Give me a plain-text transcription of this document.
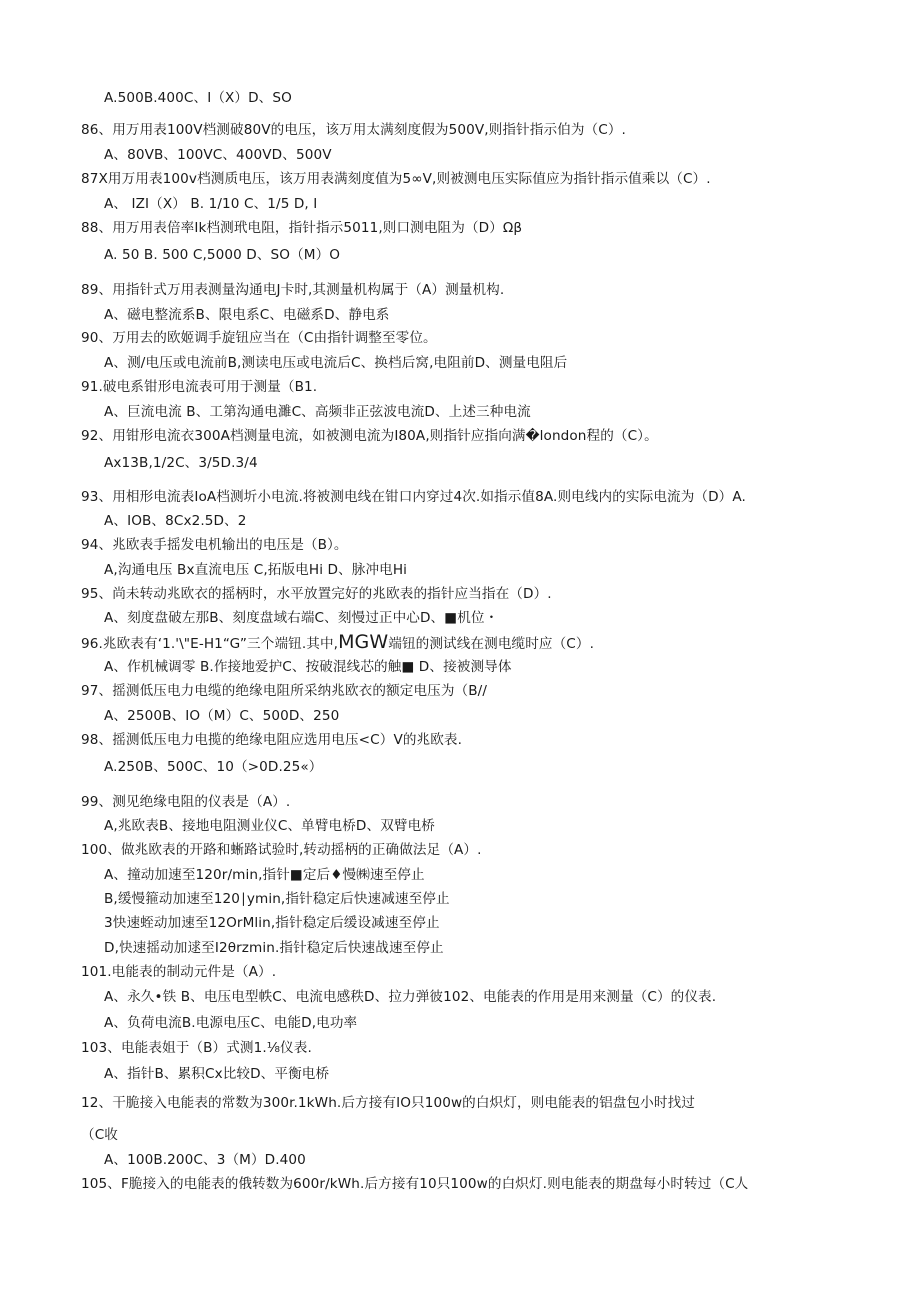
A.500B.400C、I（X）D、SO
86、用万用表100V档测破80V的电压，该万用太满刻度假为500V,则指针指示伯为（C）.
A、80VB、100VC、400VD、500V
87X用万用表100v档测质电压，该万用表满刻度值为5∞V,则被测电压实际值应为指针指示值乘以（C）.
A、 IZI（X） B. 1/10 C、1/5 D, I
88、用万用表倍率Ik档测玳电阻，指针指示5011,则口测电阻为（D）Ωβ
A. 50 B. 500 C,5000 D、SO（M）O
89、用指针式万用表测量沟通电J卡时,其测量机构属于（A）测量机构.
A、磁电整流系B、限电系C、电磁系D、静电系
90、万用去的欧姬调手旋钮应当在（C由指针调整至零位。
A、测/电压或电流前B,测读电压或电流后C、换档后窝,电阻前D、测量电阻后
91.破电系钳形电流表可用于测量（B1.
A、巨流电流 B、工第沟通电濉C、高频非正弦波电流D、上述三种电流
92、用钳形电流衣300A档测量电流，如被测电流为I80A,则指针应指向满�london程的（C）。
Ax13B,1/2C、3∕5D.3/4
93、用相形电流表IoA档测圻小电流.将被测电线在钳口内穿过4次.如指示值8A.则电线内的实际电流为（D）A.
A、IOB、8Cx2.5D、2
94、兆欧表手摇发电机输出的电压是（B）。
A,沟通电压 Bx直流电压 C,拓版电Hi D、脉冲电Hi
95、尚未转动兆欧衣的摇柄时，水平放置完好的兆欧表的指针应当指在（D）.
A、刻度盘破左那B、刻度盘域右端C、刻慢过正中心D、■机位・
96.兆欧表有‘1.'\"E-H1“G”三个端钮.其中,MGW端钮的测试线在测电缆时应（C）.
A、作机械调零 B.作接地爱护C、按破混线芯的触■ D、接被测导体
97、摇测低压电力电缆的绝缘电阻所采纳兆欧衣的额定电压为（B//
A、2500B、IO（M）C、500D、250
98、摇测低压电力电揽的绝缘电阻应选用电压<C）V的兆欧表.
A.250B、500C、10（>0D.25«）
99、测见绝缘电阻的仪表是（A）.
A,兆欧表B、接地电阻测业仪C、单臂电桥D、双臂电桥
100、做兆欧表的开路和蜥路试验时,转动摇柄的正确做法足（A）.
A、撞动加速至120r∕min,指针■定后♦慢㈱速至停止
B,缓慢箍动加速至120∣ymin,指针稳定后快速减速至停止
3快速蛭动加速至12OrMlin,指针稳定后缓设减速至停止
D,快速摇动加逑至I2θrzmin.指针稳定后快速战速至停止
101.电能表的制动元件是（A）.
A、永久•铁 B、电压电型帙C、电流电感秩D、拉力弹彼102、电能表的作用是用来测量（C）的仪表.
A、负荷电流B.电源电压C、电能D,电功率
103、电能表姐于（B）式测1.⅛仪表.
A、指针B、累积Cx比较D、平衡电桥
12、干脆接入电能表的常数为300r.1kWh.后方接有IO只100w的白炽灯，则电能表的铝盘包小时找过
（C收
A、100B.200C、3（M）D.400
105、F脆接入的电能表的俄转数为600r∕kWh.后方接有10只100w的白炽灯.则电能表的期盘每小时转过（C人
